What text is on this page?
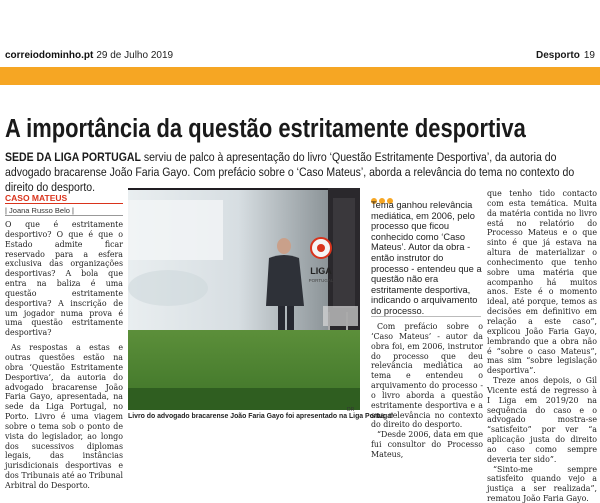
correiodominho.pt 29 de Julho 2019	Desporto 19
A importância da questão estritamente desportiva
SEDE DA LIGA PORTUGAL serviu de palco à apresentação do livro ‘Questão Estritamente Desportiva’, da autoria do advogado bracarense João Faria Gayo. Com prefácio sobre o ‘Caso Mateus’, aborda a relevância do tema no contexto do direito do desporto.
CASO MATEUS
| Joana Russo Belo |

O que é estritamente desportivo? O que é que o Estado admite ficar reservado para a esfera exclusiva das organizações desportivas? A bola que entra na baliza é uma questão estritamente desportiva? A inscrição de um jogador numa prova é uma questão estritamente desportiva?

As respostas a estas e outras questões estão na obra ‘Questão Estritamente Desportiva’, da autoria do advogado bracarense João Faria Gayo, apresentada, na sede da Liga Portugal, no Porto. Livro é uma viagem sobre o tema sob o ponto de vista do legislador, ao longo dos sucessivos diplomas legais, das instâncias jurisdicionais desportivas e dos Tribunais até ao Tribunal Arbitral do Desporto.

LIGA
PORTUGAL
DR
Livro do advogado bracarense João Faria Gayo foi apresentado na Liga Portugal
Tema ganhou relevância mediática, em 2006, pelo processo que ficou conhecido como ‘Caso Mateus’. Autor da obra - então instrutor do processo - entendeu que a questão não era estritamente desportiva, indicando o arquivamento do processo.

Com prefácio sobre o ‘Caso Mateus’ - autor da obra foi, em 2006, instrutor do processo que deu relevância mediática ao tema e entendeu o arquivamento do processo - o livro aborda a questão estritamente desportiva e a sua relevância no contexto do direito do desporto.

“Desde 2006, data em que fui consultor do Processo Mateus,

que tenho tido contacto com esta temática. Muita da matéria contida no livro está no relatório do Processo Mateus e o que sinto é que já estava na altura de materializar o conhecimento que tenho sobre uma matéria que acompanho há muitos anos. Este é o momento ideal, até porque, temos as decisões em definitivo em relação a este caso”, explicou João Faria Gayo, lembrando que a obra não é “sobre o caso Mateus”, mas sim “sobre legislação desportiva”.

Treze anos depois, o Gil Vicente está de regresso à I Liga em 2019/20 na sequência do caso e o advogado mostra-se “satisfeito” por ver “a aplicação justa do direito ao caso como sempre deveria ter sido”.

“Sinto-me sempre satisfeito quando vejo a justiça a ser realizada”, rematou João Faria Gayo.
